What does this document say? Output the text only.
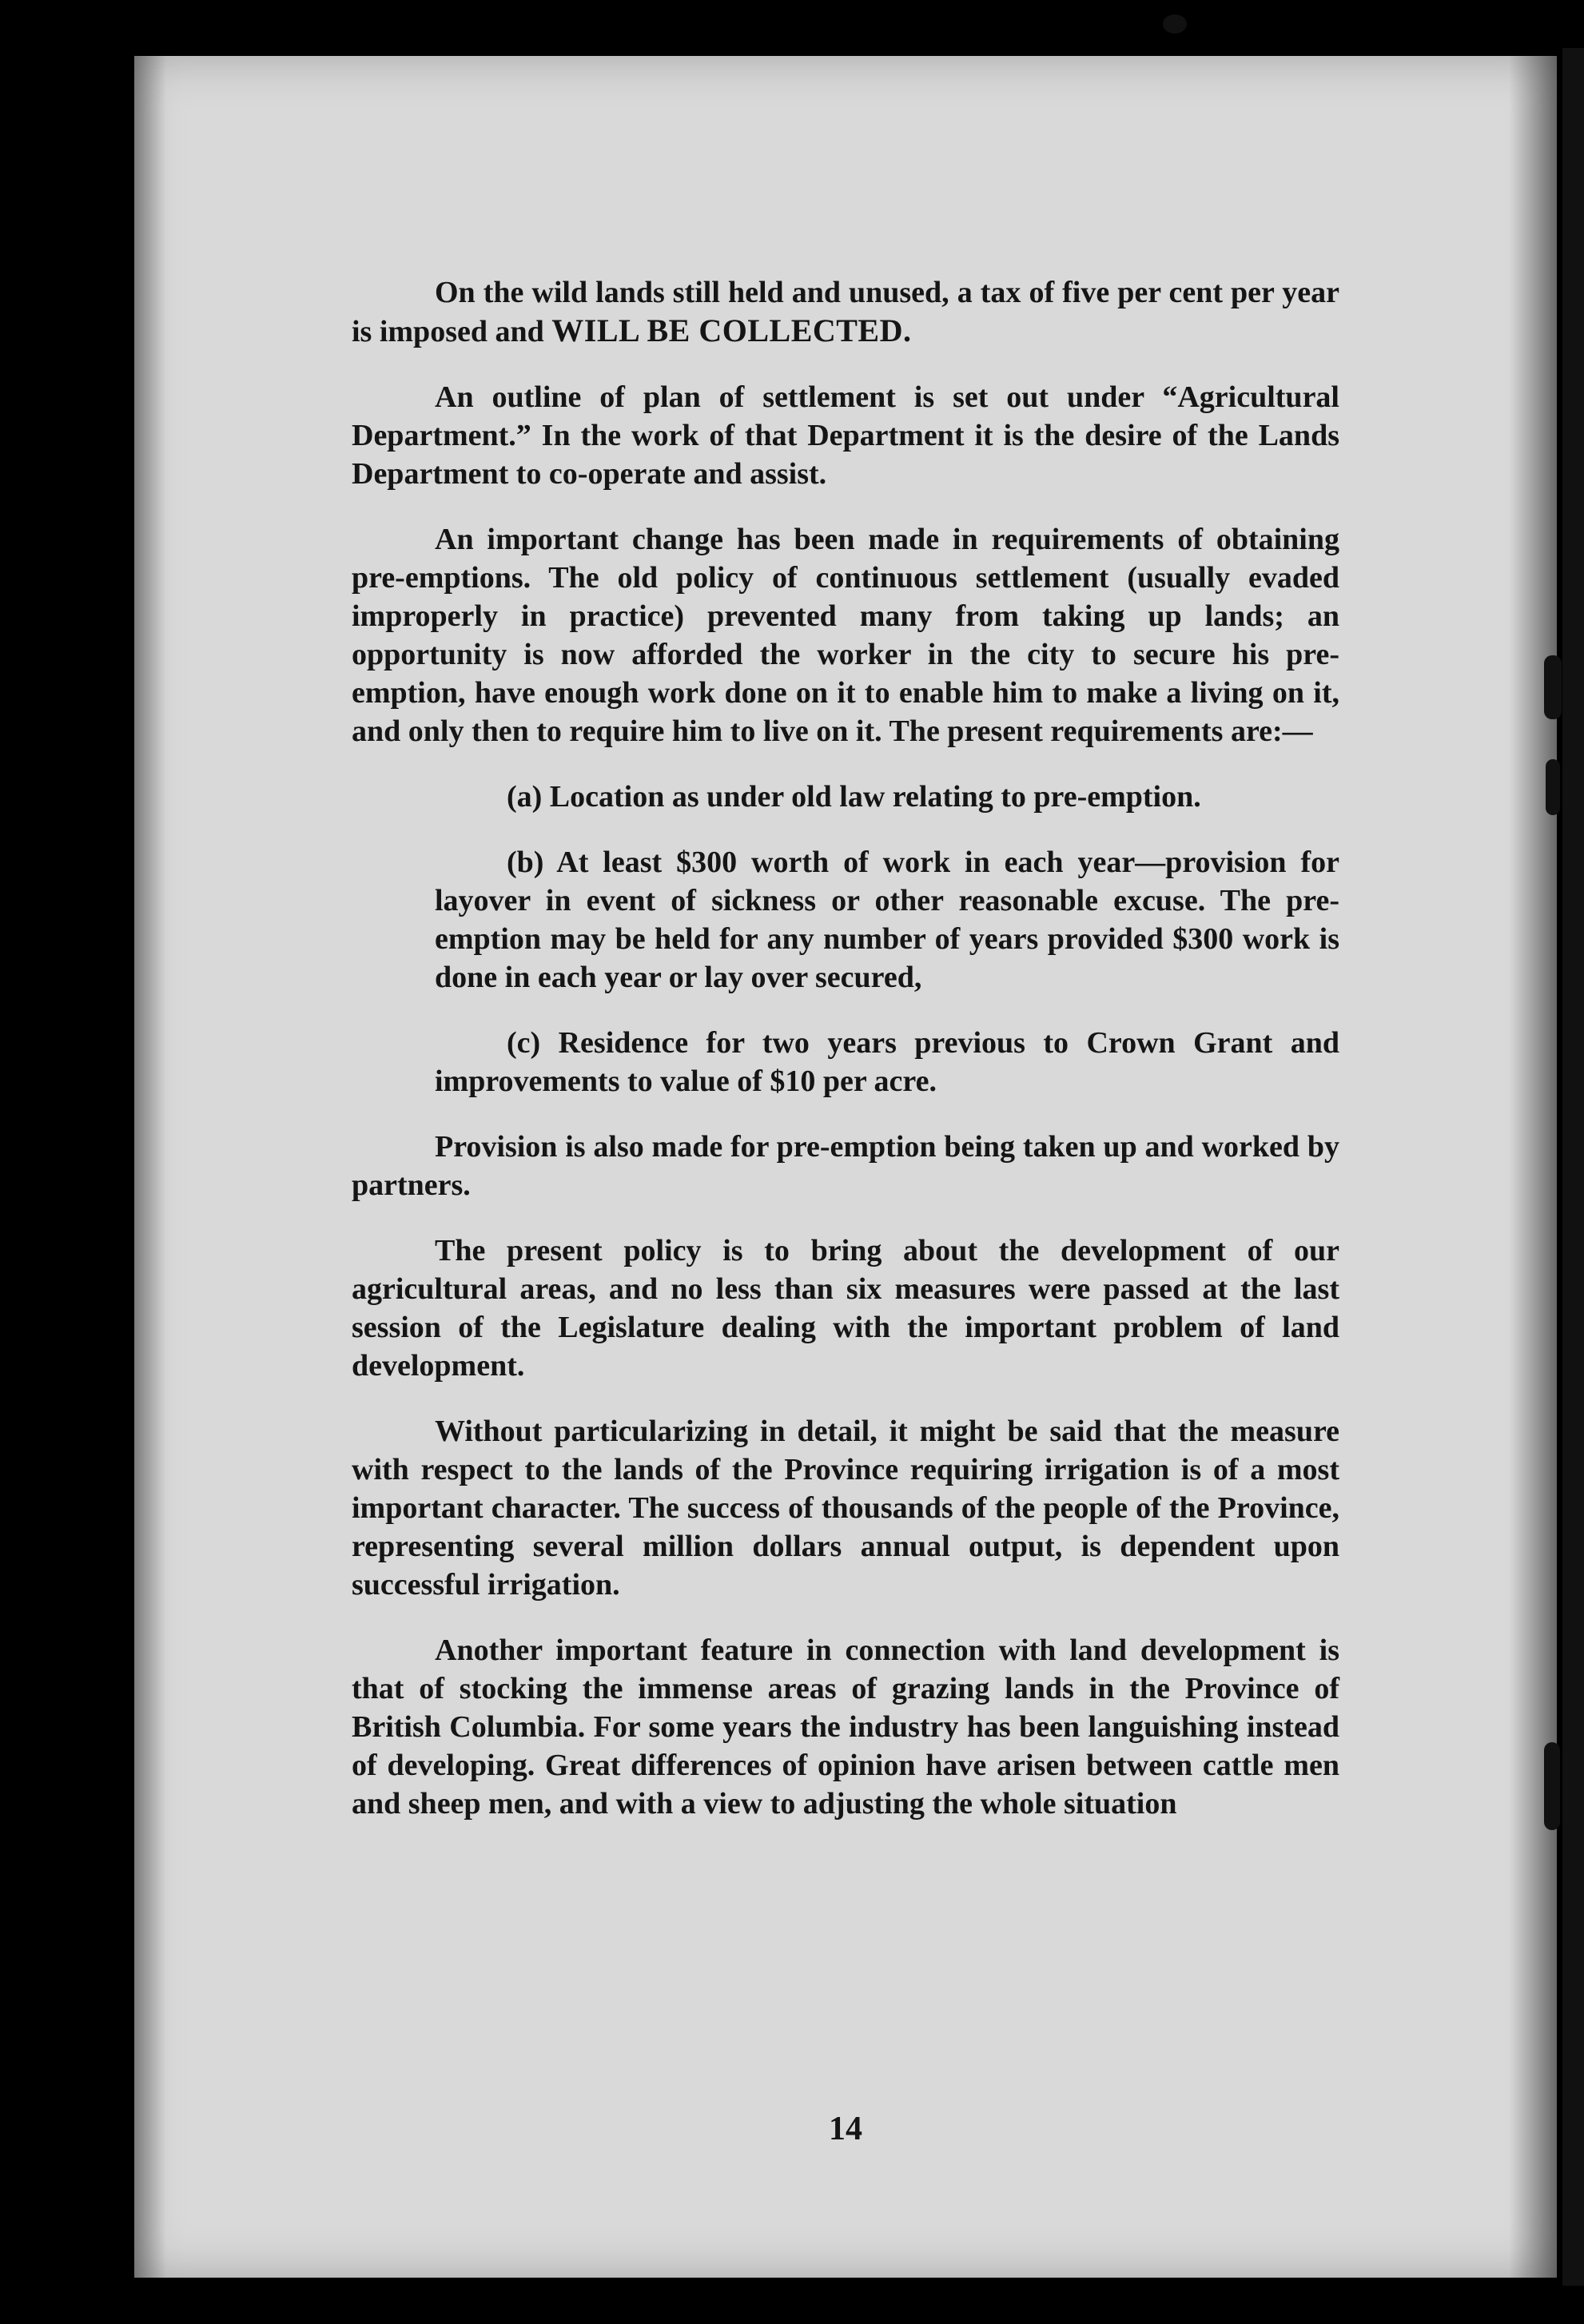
On the wild lands still held and unused, a tax of five per cent per year is imposed and WILL BE COLLECTED.

An outline of plan of settlement is set out under “Agricultural Department.” In the work of that Department it is the desire of the Lands Department to co-operate and assist.

An important change has been made in requirements of obtaining pre-emptions. The old policy of continuous settlement (usually evaded improperly in practice) prevented many from taking up lands; an opportunity is now afforded the worker in the city to secure his pre-emption, have enough work done on it to enable him to make a living on it, and only then to require him to live on it. The present requirements are:—

(a) Location as under old law relating to pre-emption.

(b) At least $300 worth of work in each year—provision for layover in event of sickness or other reasonable excuse. The pre-emption may be held for any number of years provided $300 work is done in each year or lay over secured,

(c) Residence for two years previous to Crown Grant and improvements to value of $10 per acre.

Provision is also made for pre-emption being taken up and worked by partners.

The present policy is to bring about the development of our agricultural areas, and no less than six measures were passed at the last session of the Legislature dealing with the important problem of land development.

Without particularizing in detail, it might be said that the measure with respect to the lands of the Province requiring irrigation is of a most important character. The success of thousands of the people of the Province, representing several million dollars annual output, is dependent upon successful irrigation.

Another important feature in connection with land development is that of stocking the immense areas of grazing lands in the Province of British Columbia. For some years the industry has been languishing instead of developing. Great differences of opinion have arisen between cattle men and sheep men, and with a view to adjusting the whole situation

14
